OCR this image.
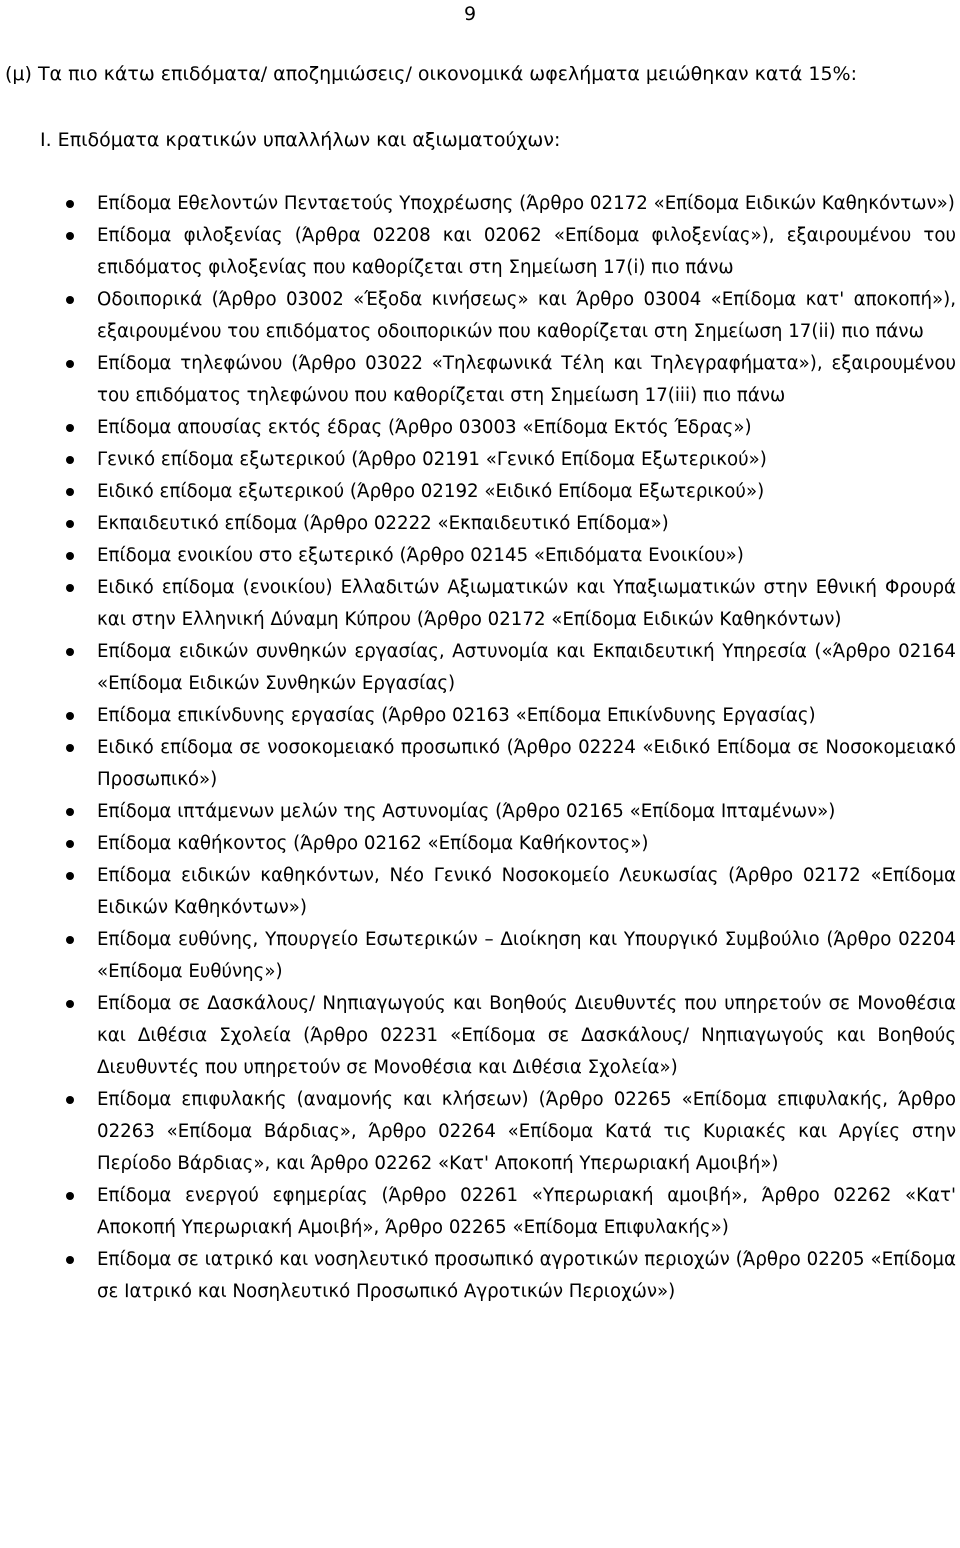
9
(μ) Τα πιο κάτω επιδόματα/ αποζημιώσεις/ οικονομικά ωφελήματα μειώθηκαν κατά 15%:
I. Επιδόματα κρατικών υπαλλήλων και αξιωματούχων:
Επίδομα Εθελοντών Πενταετούς Υποχρέωσης (Άρθρο 02172 «Επίδομα Ειδικών Καθηκόντων»)
Επίδομα φιλοξενίας (Άρθρα 02208 και 02062 «Επίδομα φιλοξενίας»), εξαιρουμένου του επιδόματος φιλοξενίας που καθορίζεται στη Σημείωση 17(i) πιο πάνω
Οδοιπορικά (Άρθρο 03002 «Έξοδα κινήσεως» και Άρθρο 03004 «Επίδομα κατ' αποκοπή»), εξαιρουμένου του επιδόματος οδοιπορικών που καθορίζεται στη Σημείωση 17(ii) πιο πάνω
Επίδομα τηλεφώνου (Άρθρο 03022 «Τηλεφωνικά Τέλη και Τηλεγραφήματα»), εξαιρουμένου του επιδόματος τηλεφώνου που καθορίζεται στη Σημείωση 17(iii) πιο πάνω
Επίδομα απουσίας εκτός έδρας (Άρθρο 03003 «Επίδομα Εκτός Έδρας»)
Γενικό επίδομα εξωτερικού (Άρθρο 02191 «Γενικό Επίδομα Εξωτερικού»)
Ειδικό επίδομα εξωτερικού (Άρθρο 02192 «Ειδικό Επίδομα Εξωτερικού»)
Εκπαιδευτικό επίδομα (Άρθρο 02222 «Εκπαιδευτικό Επίδομα»)
Επίδομα ενοικίου στο εξωτερικό (Άρθρο 02145 «Επιδόματα Ενοικίου»)
Ειδικό επίδομα (ενοικίου) Ελλαδιτών Αξιωματικών και Υπαξιωματικών στην Εθνική Φρουρά και στην Ελληνική Δύναμη Κύπρου (Άρθρο 02172 «Επίδομα Ειδικών Καθηκόντων)
Επίδομα ειδικών συνθηκών εργασίας, Αστυνομία και Εκπαιδευτική Υπηρεσία («Άρθρο 02164 «Επίδομα Ειδικών Συνθηκών Εργασίας)
Επίδομα επικίνδυνης εργασίας (Άρθρο 02163 «Επίδομα Επικίνδυνης Εργασίας)
Ειδικό επίδομα σε νοσοκομειακό προσωπικό (Άρθρο 02224 «Ειδικό Επίδομα σε Νοσοκομειακό Προσωπικό»)
Επίδομα ιπτάμενων μελών της Αστυνομίας (Άρθρο 02165 «Επίδομα Ιπταμένων»)
Επίδομα καθήκοντος (Άρθρο 02162 «Επίδομα Καθήκοντος»)
Επίδομα ειδικών καθηκόντων, Νέο Γενικό Νοσοκομείο Λευκωσίας (Άρθρο 02172 «Επίδομα Ειδικών Καθηκόντων»)
Επίδομα ευθύνης, Υπουργείο Εσωτερικών – Διοίκηση και Υπουργικό Συμβούλιο (Άρθρο 02204 «Επίδομα Ευθύνης»)
Επίδομα σε Δασκάλους/ Νηπιαγωγούς και Βοηθούς Διευθυντές που υπηρετούν σε Μονοθέσια και Διθέσια Σχολεία (Άρθρο 02231 «Επίδομα σε Δασκάλους/ Νηπιαγωγούς και Βοηθούς Διευθυντές που υπηρετούν σε Μονοθέσια και Διθέσια Σχολεία»)
Επίδομα επιφυλακής (αναμονής και κλήσεων) (Άρθρο 02265 «Επίδομα επιφυλακής, Άρθρο 02263 «Επίδομα Βάρδιας», Άρθρο 02264 «Επίδομα Κατά τις Κυριακές και Αργίες στην Περίοδο Βάρδιας», και Άρθρο 02262 «Κατ' Αποκοπή Υπερωριακή Αμοιβή»)
Επίδομα ενεργού εφημερίας (Άρθρο 02261 «Υπερωριακή αμοιβή», Άρθρο 02262 «Κατ' Αποκοπή Υπερωριακή Αμοιβή», Άρθρο 02265 «Επίδομα Επιφυλακής»)
Επίδομα σε ιατρικό και νοσηλευτικό προσωπικό αγροτικών περιοχών (Άρθρο 02205 «Επίδομα σε Ιατρικό και Νοσηλευτικό Προσωπικό Αγροτικών Περιοχών»)
